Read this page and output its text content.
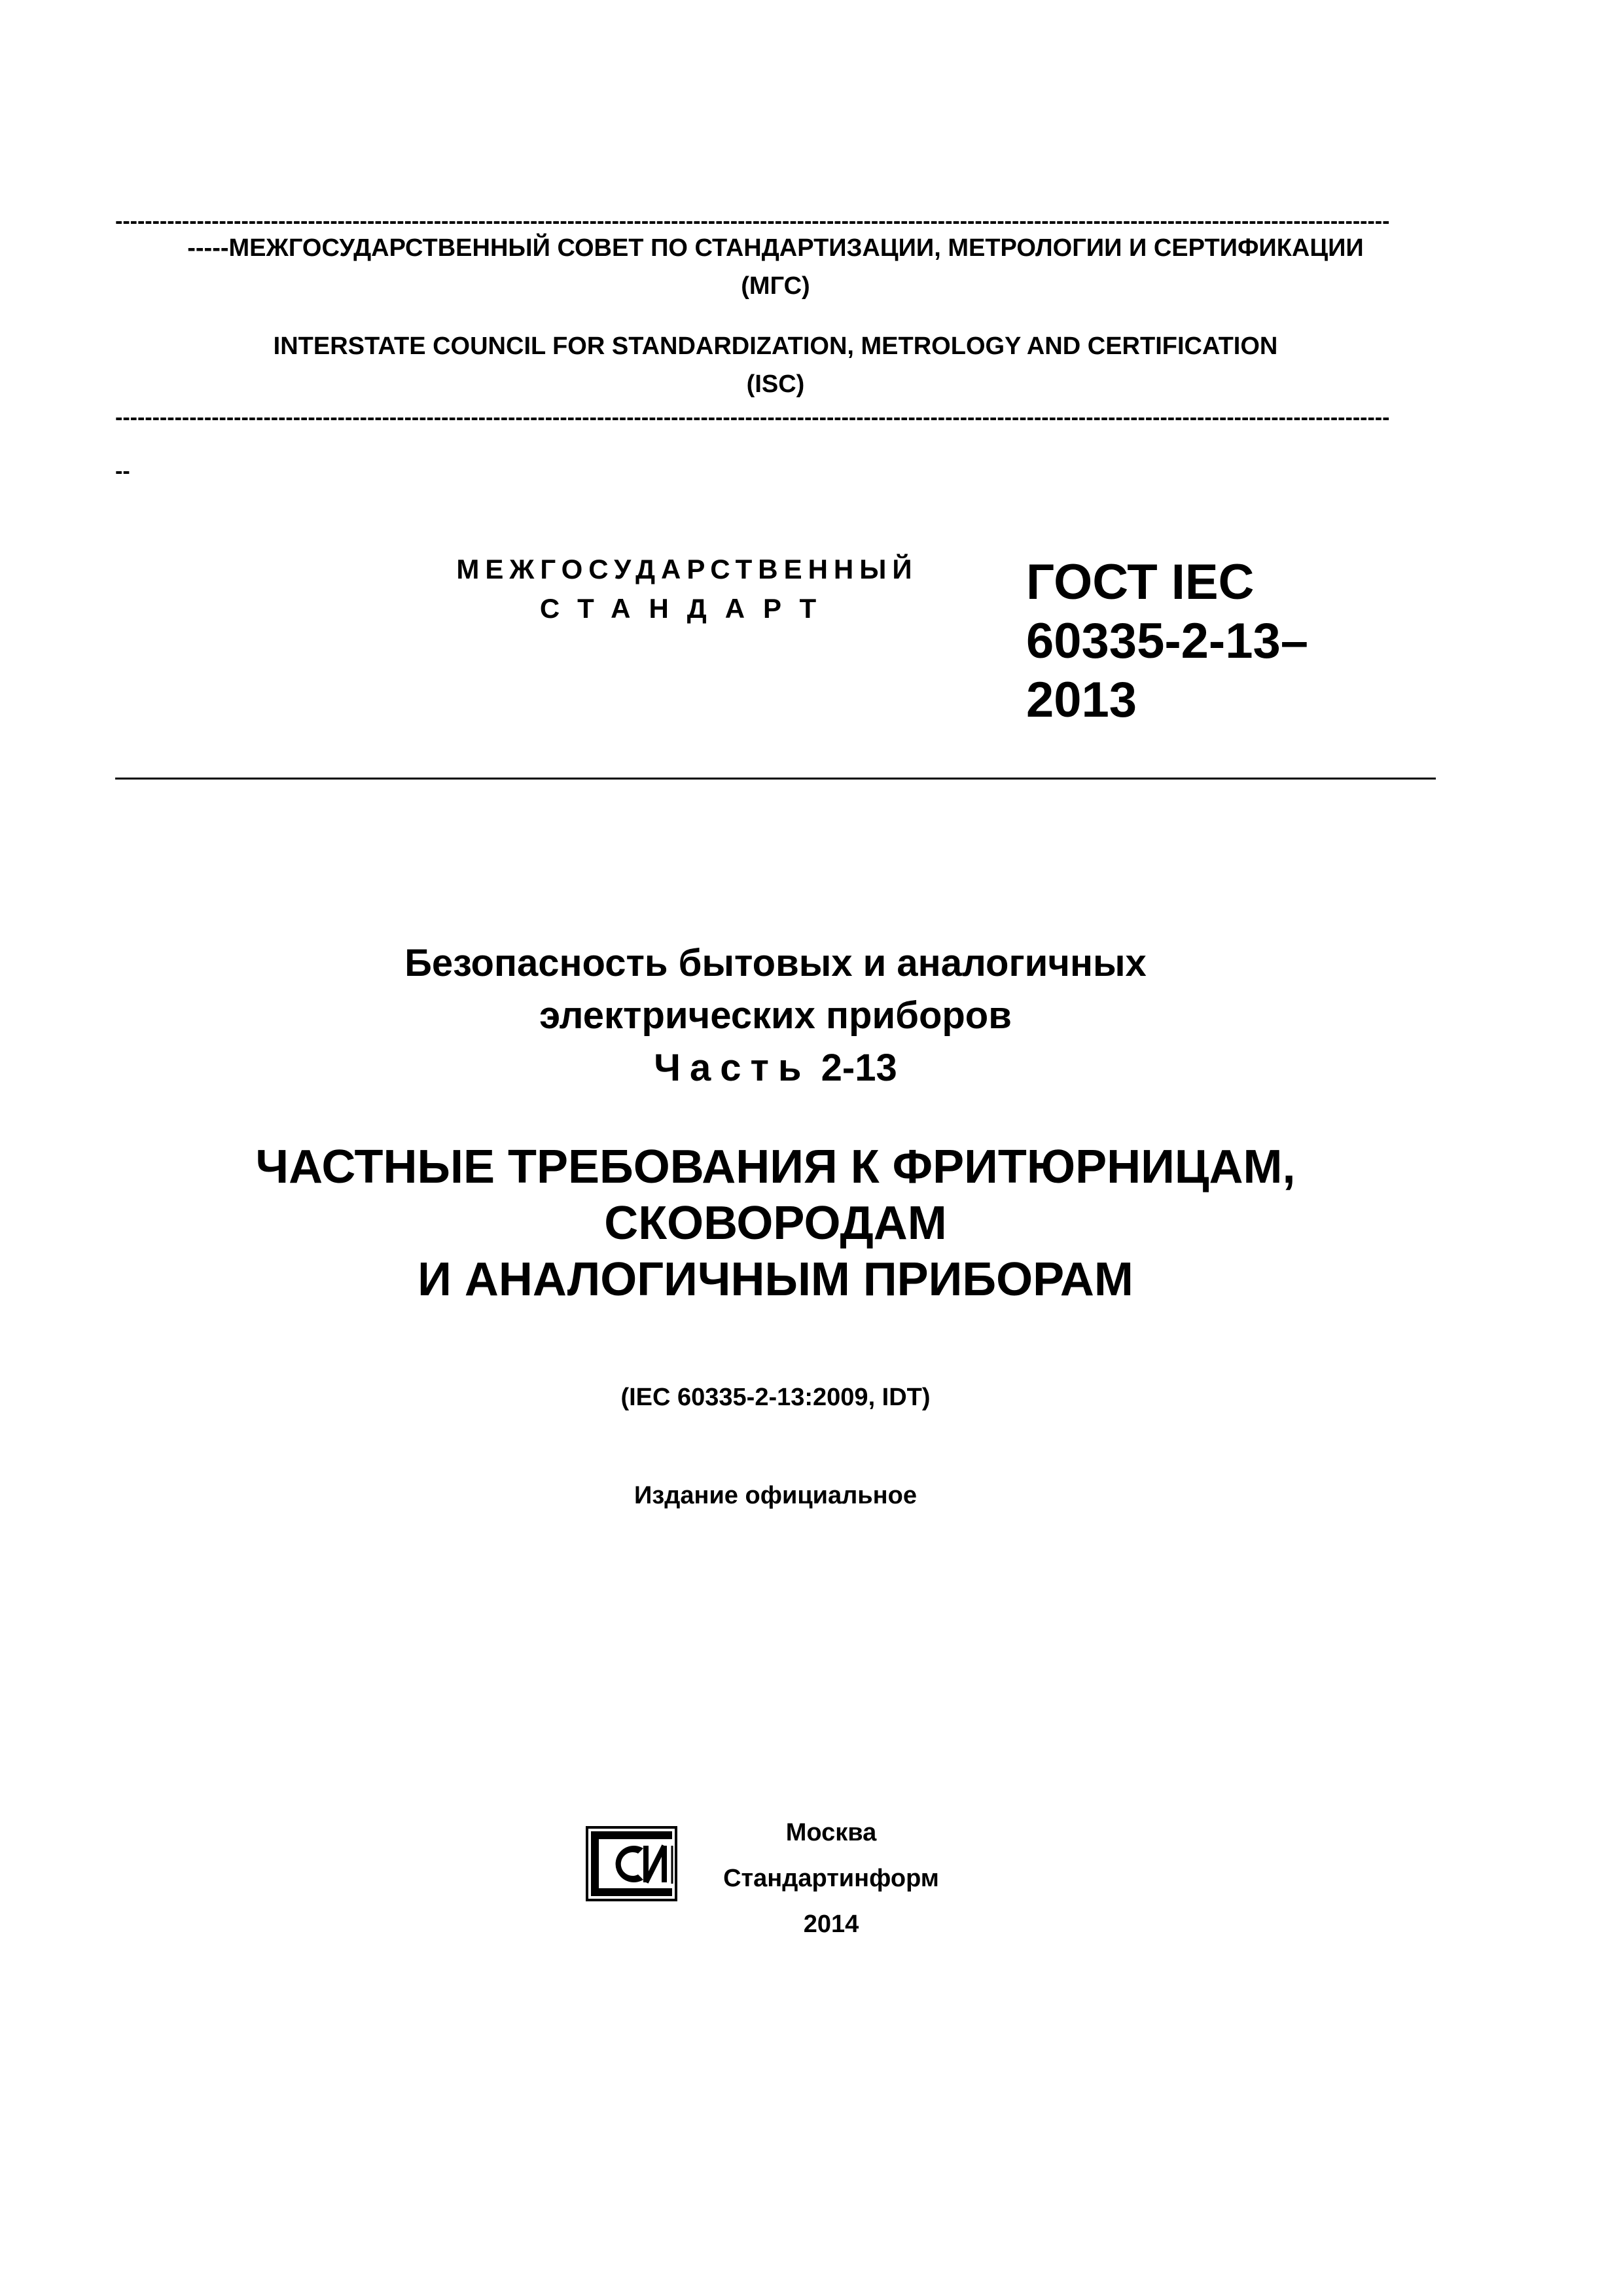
----------------------------------------------------------------------------------------------------------------------------------------------------------------------------
-----МЕЖГОСУДАРСТВЕННЫЙ СОВЕТ ПО СТАНДАРТИЗАЦИИ, МЕТРОЛОГИИ И СЕРТИФИКАЦИИ
(МГС)
INTERSTATE COUNCIL FOR STANDARDIZATION, METROLOGY AND CERTIFICATION
(ISC)
----------------------------------------------------------------------------------------------------------------------------------------------------------------------------
--
МЕЖГОСУДАРСТВЕННЫЙ
СТАНДАРТ	ГОСТ IEC
60335-2-13–
2013
Безопасность бытовых и аналогичных
электрических приборов
Часть 2-13
ЧАСТНЫЕ ТРЕБОВАНИЯ К ФРИТЮРНИЦАМ,
СКОВОРОДАМ
И АНАЛОГИЧНЫМ ПРИБОРАМ
(IEC 60335-2-13:2009, IDT)
Издание официальное
Москва
Стандартинформ
2014
